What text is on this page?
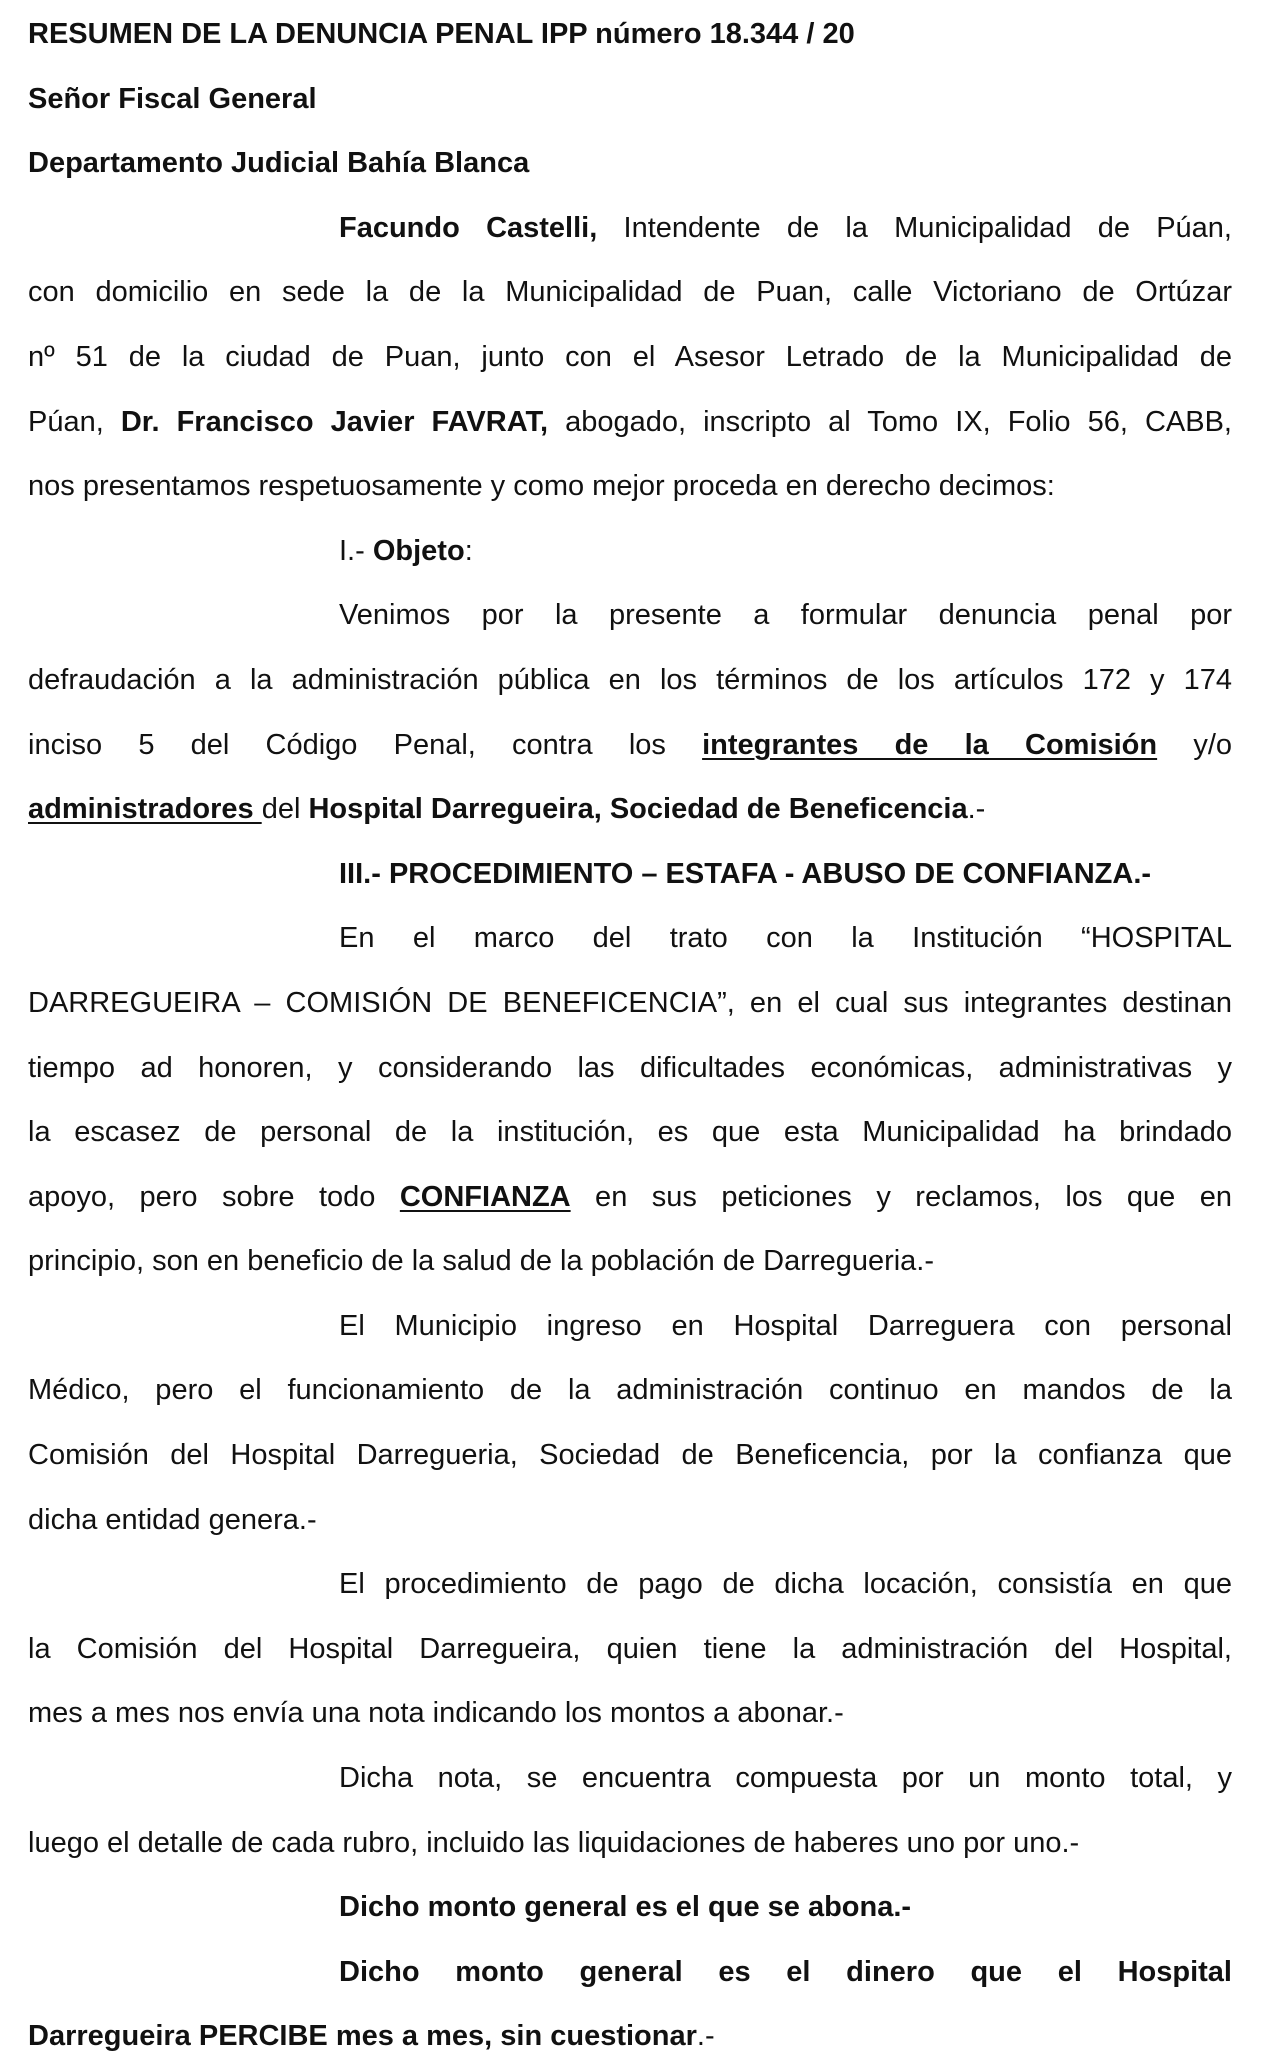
RESUMEN DE LA DENUNCIA PENAL IPP número 18.344 / 20
Señor Fiscal General
Departamento Judicial Bahía Blanca
Facundo Castelli, Intendente de la Municipalidad de Púan,
con domicilio en sede la de la Municipalidad de Puan, calle Victoriano de Ortúzar
nº 51 de la ciudad de Puan, junto con el Asesor Letrado de la Municipalidad de
Púan, Dr. Francisco Javier FAVRAT, abogado, inscripto al Tomo IX, Folio 56, CABB,
nos presentamos respetuosamente y como mejor proceda en derecho decimos:
I.- Objeto:
Venimos por la presente a formular denuncia penal por
defraudación a la administración pública en los términos de los artículos 172 y 174
inciso 5 del Código Penal, contra los integrantes de la Comisión y/o
administradores del Hospital Darregueira, Sociedad de Beneficencia.-
III.- PROCEDIMIENTO – ESTAFA - ABUSO DE CONFIANZA.-
En el marco del trato con la Institución “HOSPITAL
DARREGUEIRA – COMISIÓN DE BENEFICENCIA”, en el cual sus integrantes destinan
tiempo ad honoren, y considerando las dificultades económicas, administrativas y
la escasez de personal de la institución, es que esta Municipalidad ha brindado
apoyo, pero sobre todo CONFIANZA en sus peticiones y reclamos, los que en
principio, son en beneficio de la salud de la población de Darregueria.-
El Municipio ingreso en Hospital Darreguera con personal
Médico, pero el funcionamiento de la administración continuo en mandos de la
Comisión del Hospital Darregueria, Sociedad de Beneficencia, por la confianza que
dicha entidad genera.-
El procedimiento de pago de dicha locación, consistía en que
la Comisión del Hospital Darregueira, quien tiene la administración del Hospital,
mes a mes nos envía una nota indicando los montos a abonar.-
Dicha nota, se encuentra compuesta por un monto total, y
luego el detalle de cada rubro, incluido las liquidaciones de haberes uno por uno.-
Dicho monto general es el que se abona.-
Dicho monto general es el dinero que el Hospital
Darregueira PERCIBE mes a mes, sin cuestionar.-
